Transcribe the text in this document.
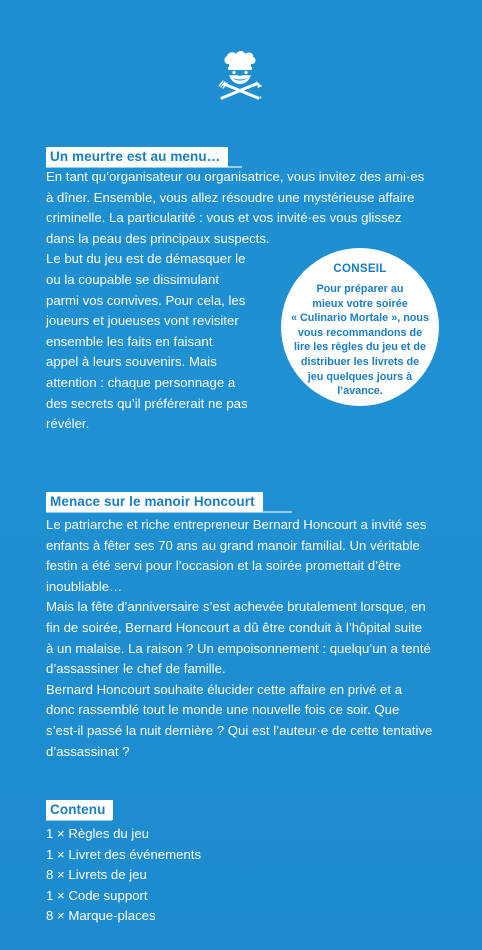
®
Un meurtre est au menu…
En tant qu’organisateur ou organisatrice, vous invitez des ami·es
à dîner. Ensemble, vous allez résoudre une mystérieuse affaire
criminelle. La particularité : vous et vos invité·es vous glissez
dans la peau des principaux suspects.
Le but du jeu est de démasquer le
ou la coupable se dissimulant
parmi vos convives. Pour cela, les
joueurs et joueuses vont revisiter
ensemble les faits en faisant
appel à leurs souvenirs. Mais
attention : chaque personnage a
des secrets qu’il préférerait ne pas
révéler.
CONSEIL
Pour préparer au
mieux votre soirée
« Culinario Mortale », nous
vous recommandons de
lire les règles du jeu et de
distribuer les livrets de
jeu quelques jours à
l’avance.
Menace sur le manoir Honcourt
Le patriarche et riche entrepreneur Bernard Honcourt a invité ses
enfants à fêter ses 70 ans au grand manoir familial. Un véritable
festin a été servi pour l’occasion et la soirée promettait d’être
inoubliable…
Mais la fête d’anniversaire s’est achevée brutalement lorsque, en
fin de soirée, Bernard Honcourt a dû être conduit à l’hôpital suite
à un malaise. La raison ? Un empoisonnement : quelqu’un a tenté
d’assassiner le chef de famille.
Bernard Honcourt souhaite élucider cette affaire en privé et a
donc rassemblé tout le monde une nouvelle fois ce soir. Que
s’est-il passé la nuit dernière ? Qui est l’auteur·e de cette tentative
d’assassinat ?
Contenu
1 × Règles du jeu
1 × Livret des événements
8 × Livrets de jeu
1 × Code support
8 × Marque-places
